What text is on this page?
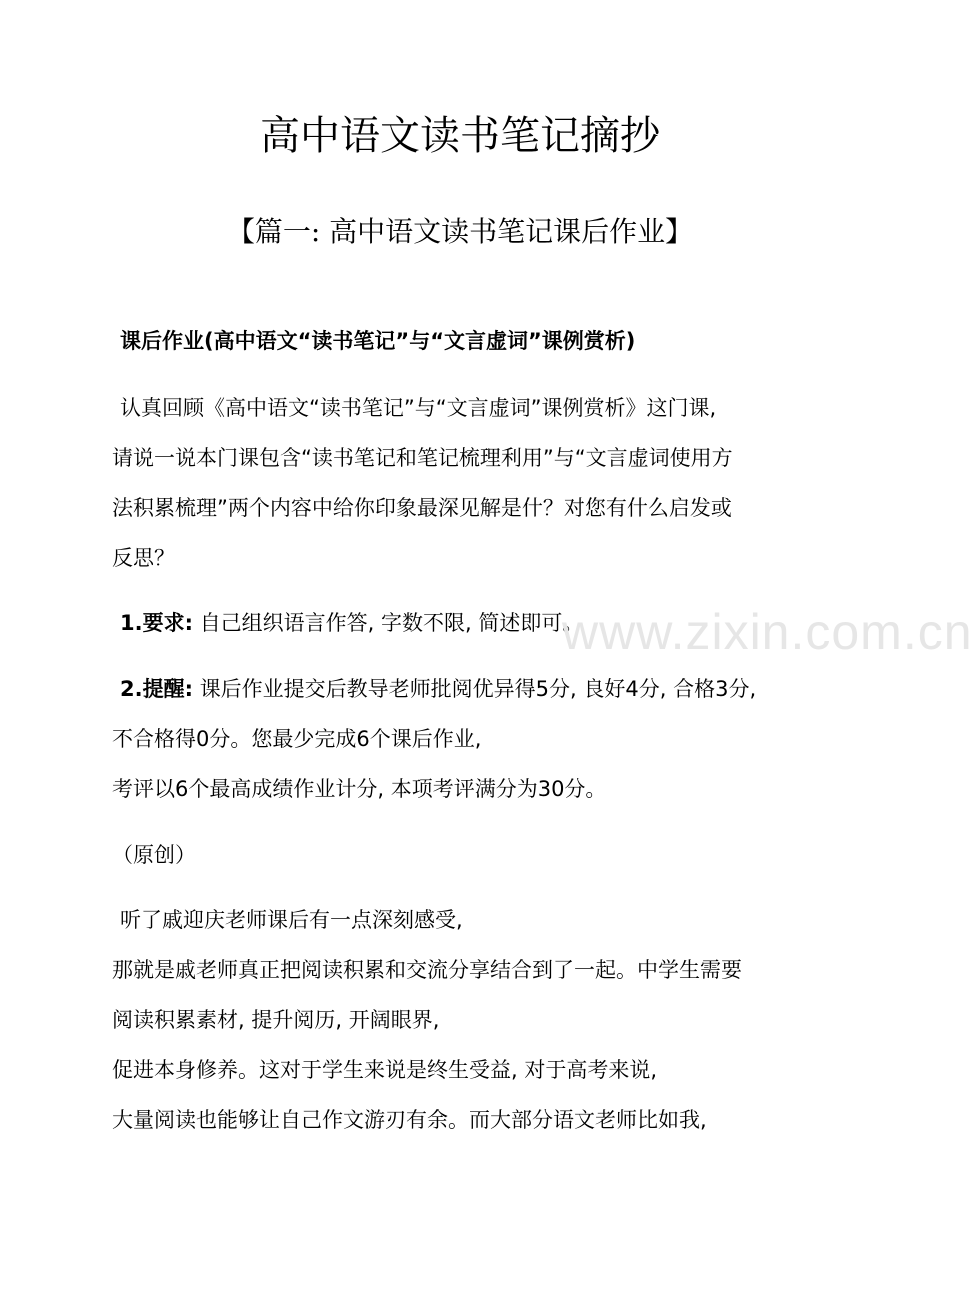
高中语文读书笔记摘抄
【篇一: 高中语文读书笔记课后作业】

课后作业(高中语文“读书笔记”与“文言虚词”课例赏析)

认真回顾《高中语文“读书笔记”与“文言虚词”课例赏析》这门课,

请说一说本门课包含“读书笔记和笔记梳理利用”与“文言虚词使用方

法积累梳理”两个内容中给你印象最深见解是什？对您有什么启发或

反思？

1.要求: 自己组织语言作答, 字数不限, 简述即可。

2.提醒: 课后作业提交后教导老师批阅优异得5分, 良好4分, 合格3分,

不合格得0分。您最少完成6个课后作业,

考评以6个最高成绩作业计分, 本项考评满分为30分。

（原创）

听了戚迎庆老师课后有一点深刻感受,

那就是戚老师真正把阅读积累和交流分享结合到了一起。中学生需要

阅读积累素材, 提升阅历, 开阔眼界,

促进本身修养。这对于学生来说是终生受益, 对于高考来说,

大量阅读也能够让自己作文游刃有余。而大部分语文老师比如我,

www.zixin.com.cn
